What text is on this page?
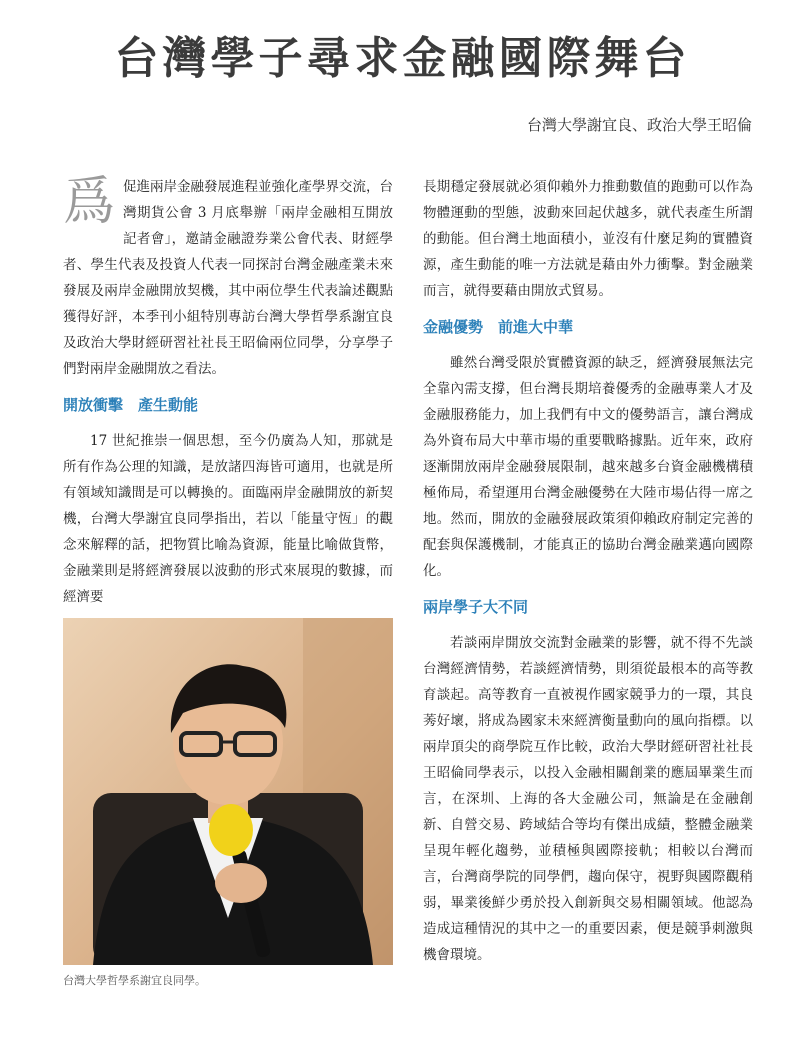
台灣學子尋求金融國際舞台
台灣大學謝宜良、政治大學王昭倫

爲促進兩岸金融發展進程並強化產學界交流，台灣期貨公會 3 月底舉辦「兩岸金融相互開放記者會」，邀請金融證券業公會代表、財經學者、學生代表及投資人代表一同探討台灣金融產業未來發展及兩岸金融開放契機，其中兩位學生代表論述觀點獲得好評，本季刊小組特別專訪台灣大學哲學系謝宜良及政治大學財經研習社社長王昭倫兩位同學，分享學子們對兩岸金融開放之看法。

開放衝擊　產生動能

17 世紀推崇一個思想，至今仍廣為人知，那就是所有作為公理的知識，是放諸四海皆可適用，也就是所有領域知識間是可以轉換的。面臨兩岸金融開放的新契機，台灣大學謝宜良同學指出，若以「能量守恆」的觀念來解釋的話，把物質比喻為資源，能量比喻做貨幣，金融業則是將經濟發展以波動的形式來展現的數據，而經濟要

長期穩定發展就必須仰賴外力推動數值的跑動可以作為物體運動的型態，波動來回起伏越多，就代表產生所謂的動能。但台灣土地面積小，並沒有什麼足夠的實體資源，產生動能的唯一方法就是藉由外力衝擊。對金融業而言，就得要藉由開放式貿易。

金融優勢　前進大中華

雖然台灣受限於實體資源的缺乏，經濟發展無法完全靠內需支撐，但台灣長期培養優秀的金融專業人才及金融服務能力，加上我們有中文的優勢語言，讓台灣成為外資布局大中華市場的重要戰略據點。近年來，政府逐漸開放兩岸金融發展限制，越來越多台資金融機構積極佈局，希望運用台灣金融優勢在大陸市場佔得一席之地。然而，開放的金融發展政策須仰賴政府制定完善的配套與保護機制，才能真正的協助台灣金融業邁向國際化。

兩岸學子大不同

若談兩岸開放交流對金融業的影響，就不得不先談台灣經濟情勢，若談經濟情勢，則須從最根本的高等教育談起。高等教育一直被視作國家競爭力的一環，其良莠好壞，將成為國家未來經濟衡量動向的風向指標。以兩岸頂尖的商學院互作比較，政治大學財經研習社社長王昭倫同學表示，以投入金融相關創業的應屆畢業生而言，在深圳、上海的各大金融公司，無論是在金融創新、自營交易、跨域結合等均有傑出成績，整體金融業呈現年輕化趨勢，並積極與國際接軌；相較以台灣而言，台灣商學院的同學們，趨向保守，視野與國際觀稍弱，畢業後鮮少勇於投入創新與交易相關領域。他認為造成這種情況的其中之一的重要因素，便是競爭刺激與機會環境。

台灣大學哲學系謝宜良同學。
